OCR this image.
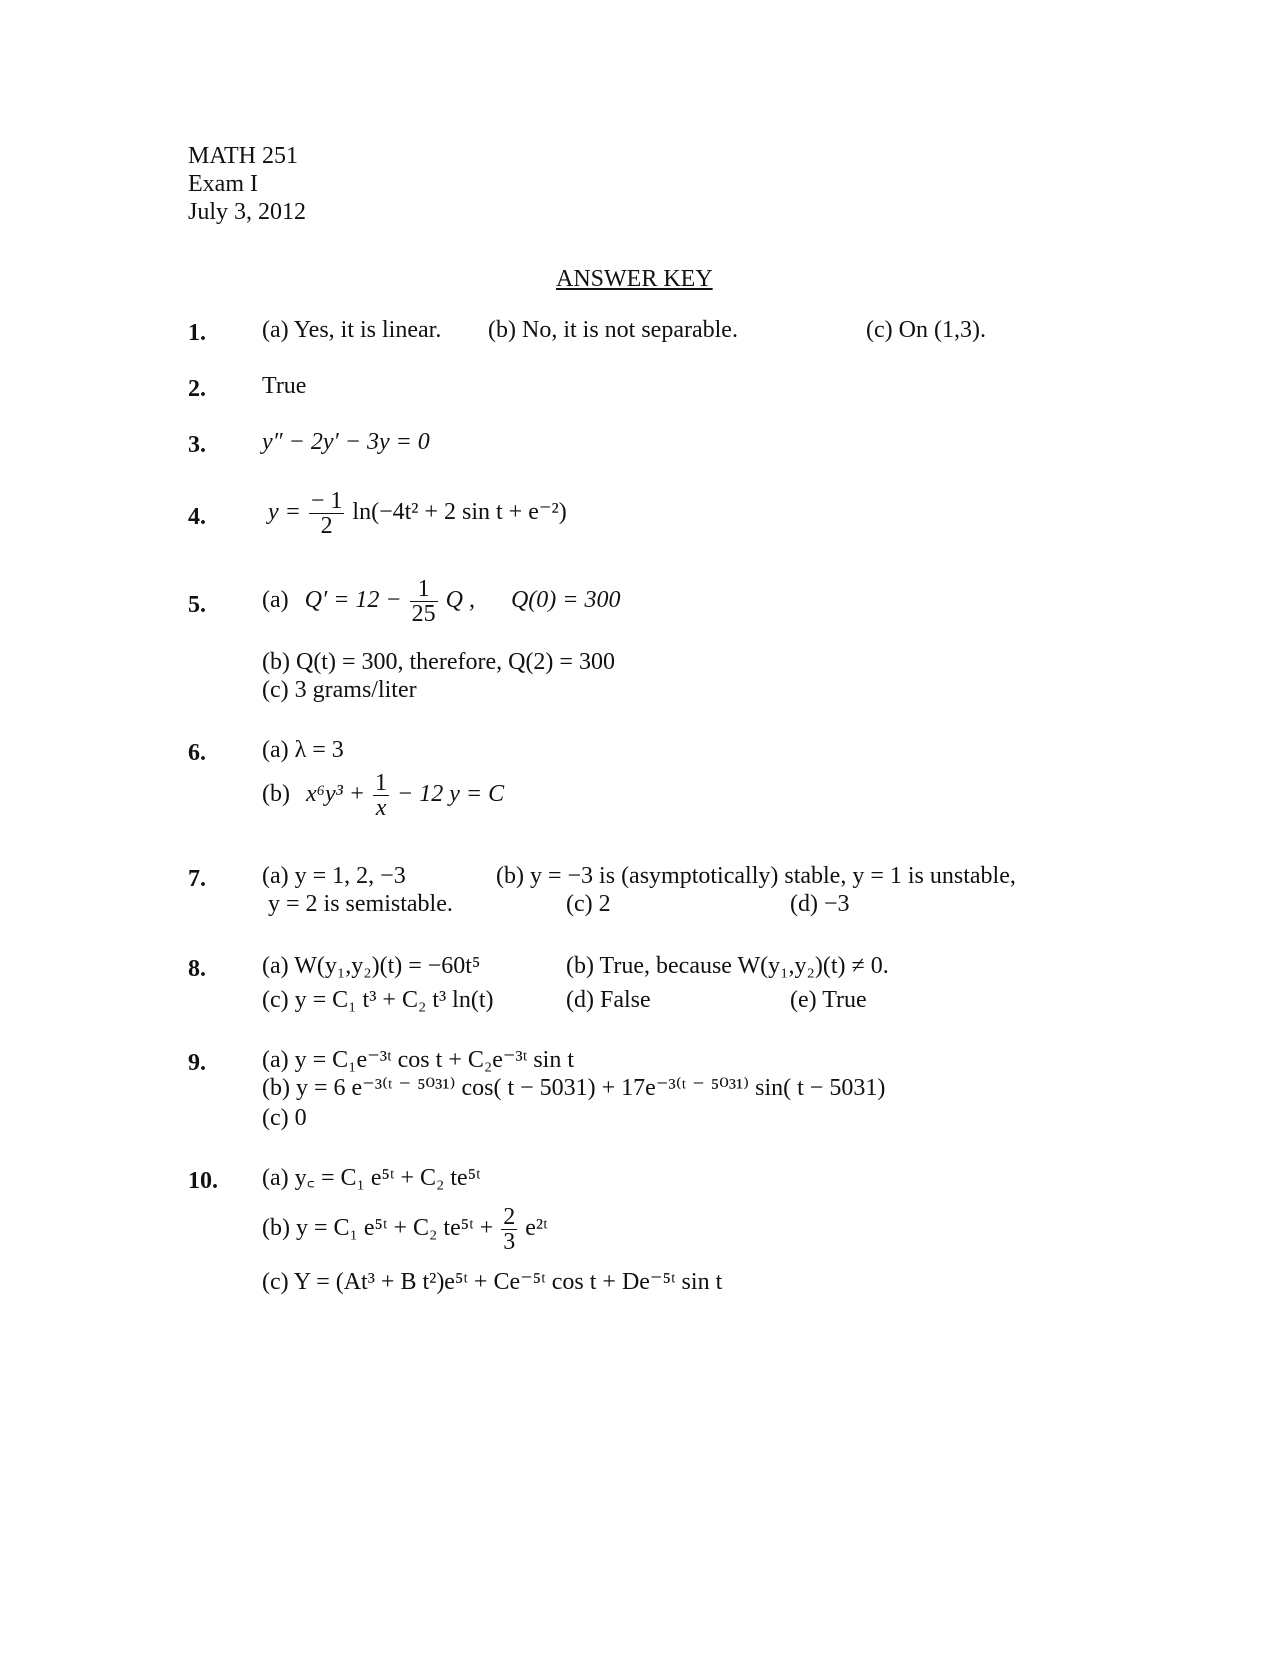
MATH 251
Exam I
July 3, 2012
ANSWER KEY
1. (a) Yes, it is linear. (b) No, it is not separable.	(c) On (1,3).
2. True
3. y″ − 2y′ − 3y = 0
4.	$y = \frac{- 1}{2} \ln(-4t^2 + 2$ sin t + e⁻²)
5. (a) $Q' = 12 - \frac{1}{25}$ Q , Q(0) = 300
(b) Q(t) = 300, therefore, Q(2) = 300
(c) 3 grams/liter
6. (a) λ = 3
(b) $x^6y^3 + \frac{1}{x} - 12$ y = C
7. (a) y = 1, 2, −3	(b) y = −3 is (asymptotically) stable, y = 1 is unstable,
y = 2 is semistable.	(c) 2	(d) −3
8. (a) W(y₁,y₂)(t) = −60t⁵	(b) True, because W(y₁,y₂)(t) ≠ 0.
(c) y = C₁ t³ + C₂ t³ ln(t)	(d) False	(e) True
9. (a) y = C₁e⁻³ᵗ cos t + C₂e⁻³ᵗ sin t
(b) y = 6 e⁻³⁽ᵗ ⁻ ⁵⁰³¹⁾ cos( t − 5031) + 17e⁻³⁽ᵗ ⁻ ⁵⁰³¹⁾ sin( t − 5031)
(c) 0
10. (a) y꜀ = C₁ e⁵ᵗ + C₂ te⁵ᵗ
(b) y = C₁ e⁵ᵗ + C₂ te⁵ᵗ + $\frac{2}{3}$ e²ᵗ
(c) Y = (At³ + B t²)e⁵ᵗ + Ce⁻⁵ᵗ cos t + De⁻⁵ᵗ sin t
